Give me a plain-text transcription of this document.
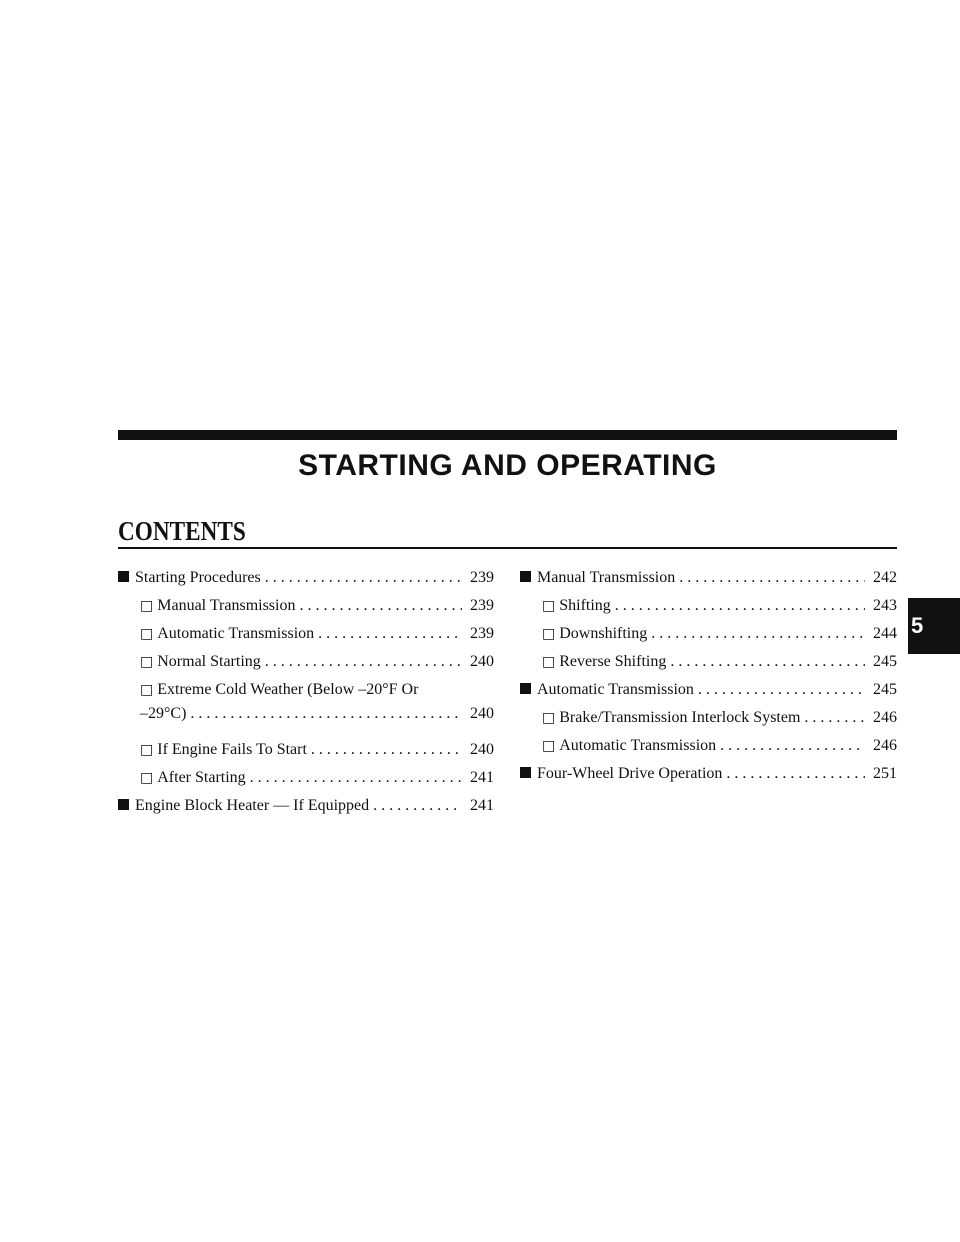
STARTING AND OPERATING
CONTENTS
Starting Procedures . . .	239
□ Manual Transmission . . .	239
□ Automatic Transmission . . .	239
□ Normal Starting . . .	240
□ Extreme Cold Weather (Below –20°F Or
–29°C) . . .	240
□ If Engine Fails To Start . . .	240
□ After Starting . . .	241
Engine Block Heater — If Equipped . . .	241
Manual Transmission . . .	242
□ Shifting . . .	243
□ Downshifting . . .	244
□ Reverse Shifting . . .	245
Automatic Transmission . . .	245
□ Brake/Transmission Interlock System . . .	246
□ Automatic Transmission . . .	246
Four-Wheel Drive Operation . . .	251
5
